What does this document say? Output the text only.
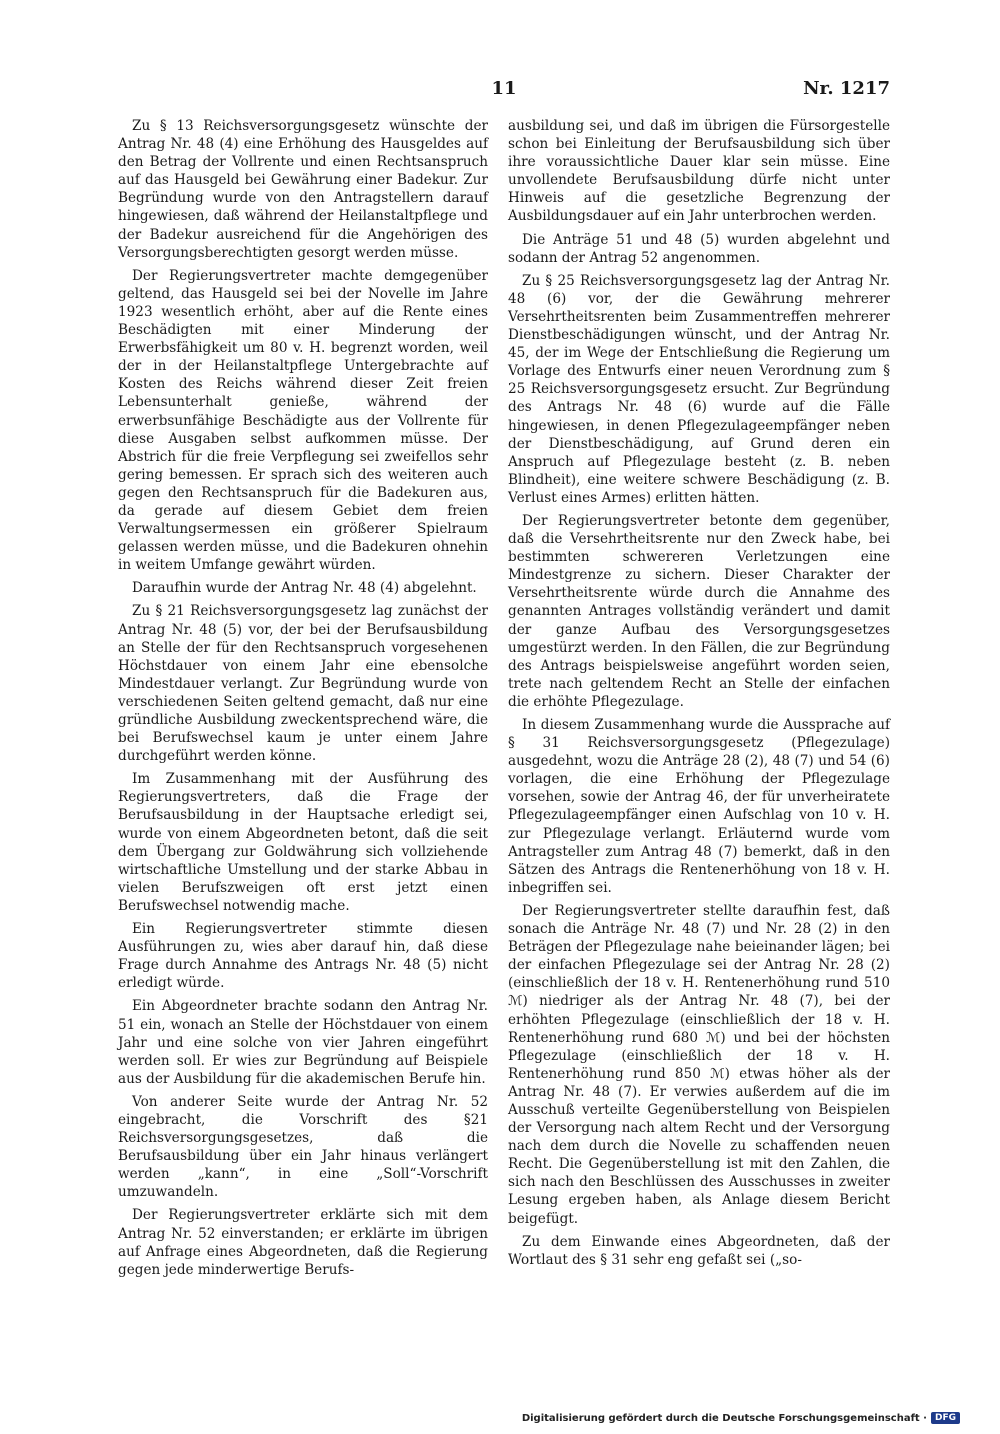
11	Nr. 1217

Zu § 13 Reichsversorgungsgesetz wünschte der Antrag Nr. 48 (4) eine Erhöhung des Hausgeldes auf den Betrag der Vollrente und einen Rechtsanspruch auf das Hausgeld bei Gewährung einer Badekur. Zur Begründung wurde von den Antragstellern darauf hingewiesen, daß während der Heilanstaltpflege und der Badekur ausreichend für die Angehörigen des Versorgungsberechtigten gesorgt werden müsse.

Der Regierungsvertreter machte demgegenüber geltend, das Hausgeld sei bei der Novelle im Jahre 1923 wesentlich erhöht, aber auf die Rente eines Beschädigten mit einer Minderung der Erwerbsfähigkeit um 80 v. H. begrenzt worden, weil der in der Heilanstaltpflege Untergebrachte auf Kosten des Reichs während dieser Zeit freien Lebensunterhalt genieße, während der erwerbsunfähige Beschädigte aus der Vollrente für diese Ausgaben selbst aufkommen müsse. Der Abstrich für die freie Verpflegung sei zweifellos sehr gering bemessen. Er sprach sich des weiteren auch gegen den Rechtsanspruch für die Badekuren aus, da gerade auf diesem Gebiet dem freien Verwaltungsermessen ein größerer Spielraum gelassen werden müsse, und die Badekuren ohnehin in weitem Umfange gewährt würden.

Daraufhin wurde der Antrag Nr. 48 (4) abgelehnt.

Zu § 21 Reichsversorgungsgesetz lag zunächst der Antrag Nr. 48 (5) vor, der bei der Berufsausbildung an Stelle der für den Rechtsanspruch vorgesehenen Höchstdauer von einem Jahr eine ebensolche Mindestdauer verlangt. Zur Begründung wurde von verschiedenen Seiten geltend gemacht, daß nur eine gründliche Ausbildung zweckentsprechend wäre, die bei Berufswechsel kaum je unter einem Jahre durchgeführt werden könne.

Im Zusammenhang mit der Ausführung des Regierungsvertreters, daß die Frage der Berufsausbildung in der Hauptsache erledigt sei, wurde von einem Abgeordneten betont, daß die seit dem Übergang zur Goldwährung sich vollziehende wirtschaftliche Umstellung und der starke Abbau in vielen Berufszweigen oft erst jetzt einen Berufswechsel notwendig mache.

Ein Regierungsvertreter stimmte diesen Ausführungen zu, wies aber darauf hin, daß diese Frage durch Annahme des Antrags Nr. 48 (5) nicht erledigt würde.

Ein Abgeordneter brachte sodann den Antrag Nr. 51 ein, wonach an Stelle der Höchstdauer von einem Jahr und eine solche von vier Jahren eingeführt werden soll. Er wies zur Begründung auf Beispiele aus der Ausbildung für die akademischen Berufe hin.

Von anderer Seite wurde der Antrag Nr. 52 eingebracht, die Vorschrift des §21 Reichsversorgungsgesetzes, daß die Berufsausbildung über ein Jahr hinaus verlängert werden „kann“, in eine „Soll“-Vorschrift umzuwandeln.

Der Regierungsvertreter erklärte sich mit dem Antrag Nr. 52 einverstanden; er erklärte im übrigen auf Anfrage eines Abgeordneten, daß die Regierung gegen jede minderwertige Berufs-

ausbildung sei, und daß im übrigen die Fürsorgestelle schon bei Einleitung der Berufsausbildung sich über ihre voraussichtliche Dauer klar sein müsse. Eine unvollendete Berufsausbildung dürfe nicht unter Hinweis auf die gesetzliche Begrenzung der Ausbildungsdauer auf ein Jahr unterbrochen werden.

Die Anträge 51 und 48 (5) wurden abgelehnt und sodann der Antrag 52 angenommen.

Zu § 25 Reichsversorgungsgesetz lag der Antrag Nr. 48 (6) vor, der die Gewährung mehrerer Versehrtheitsrenten beim Zusammentreffen mehrerer Dienstbeschädigungen wünscht, und der Antrag Nr. 45, der im Wege der Entschließung die Regierung um Vorlage des Entwurfs einer neuen Verordnung zum § 25 Reichsversorgungsgesetz ersucht. Zur Begründung des Antrags Nr. 48 (6) wurde auf die Fälle hingewiesen, in denen Pflegezulageempfänger neben der Dienstbeschädigung, auf Grund deren ein Anspruch auf Pflegezulage besteht (z. B. neben Blindheit), eine weitere schwere Beschädigung (z. B. Verlust eines Armes) erlitten hätten.

Der Regierungsvertreter betonte dem gegenüber, daß die Versehrtheitsrente nur den Zweck habe, bei bestimmten schwereren Verletzungen eine Mindestgrenze zu sichern. Dieser Charakter der Versehrtheitsrente würde durch die Annahme des genannten Antrages vollständig verändert und damit der ganze Aufbau des Versorgungsgesetzes umgestürzt werden. In den Fällen, die zur Begründung des Antrags beispielsweise angeführt worden seien, trete nach geltendem Recht an Stelle der einfachen die erhöhte Pflegezulage.

In diesem Zusammenhang wurde die Aussprache auf § 31 Reichsversorgungsgesetz (Pflegezulage) ausgedehnt, wozu die Anträge 28 (2), 48 (7) und 54 (6) vorlagen, die eine Erhöhung der Pflegezulage vorsehen, sowie der Antrag 46, der für unverheiratete Pflegezulageempfänger einen Aufschlag von 10 v. H. zur Pflegezulage verlangt. Erläuternd wurde vom Antragsteller zum Antrag 48 (7) bemerkt, daß in den Sätzen des Antrags die Rentenerhöhung von 18 v. H. inbegriffen sei.

Der Regierungsvertreter stellte daraufhin fest, daß sonach die Anträge Nr. 48 (7) und Nr. 28 (2) in den Beträgen der Pflegezulage nahe beieinander lägen; bei der einfachen Pflegezulage sei der Antrag Nr. 28 (2) (einschließlich der 18 v. H. Rentenerhöhung rund 510 ℳ) niedriger als der Antrag Nr. 48 (7), bei der erhöhten Pflegezulage (einschließlich der 18 v. H. Rentenerhöhung rund 680 ℳ) und bei der höchsten Pflegezulage (einschließlich der 18 v. H. Rentenerhöhung rund 850 ℳ) etwas höher als der Antrag Nr. 48 (7). Er verwies außerdem auf die im Ausschuß verteilte Gegenüberstellung von Beispielen der Versorgung nach altem Recht und der Versorgung nach dem durch die Novelle zu schaffenden neuen Recht. Die Gegenüberstellung ist mit den Zahlen, die sich nach den Beschlüssen des Ausschusses in zweiter Lesung ergeben haben, als Anlage diesem Bericht beigefügt.

Zu dem Einwande eines Abgeordneten, daß der Wortlaut des § 31 sehr eng gefaßt sei („so-

Digitalisierung gefördert durch die Deutsche Forschungsgemeinschaft · DFG
